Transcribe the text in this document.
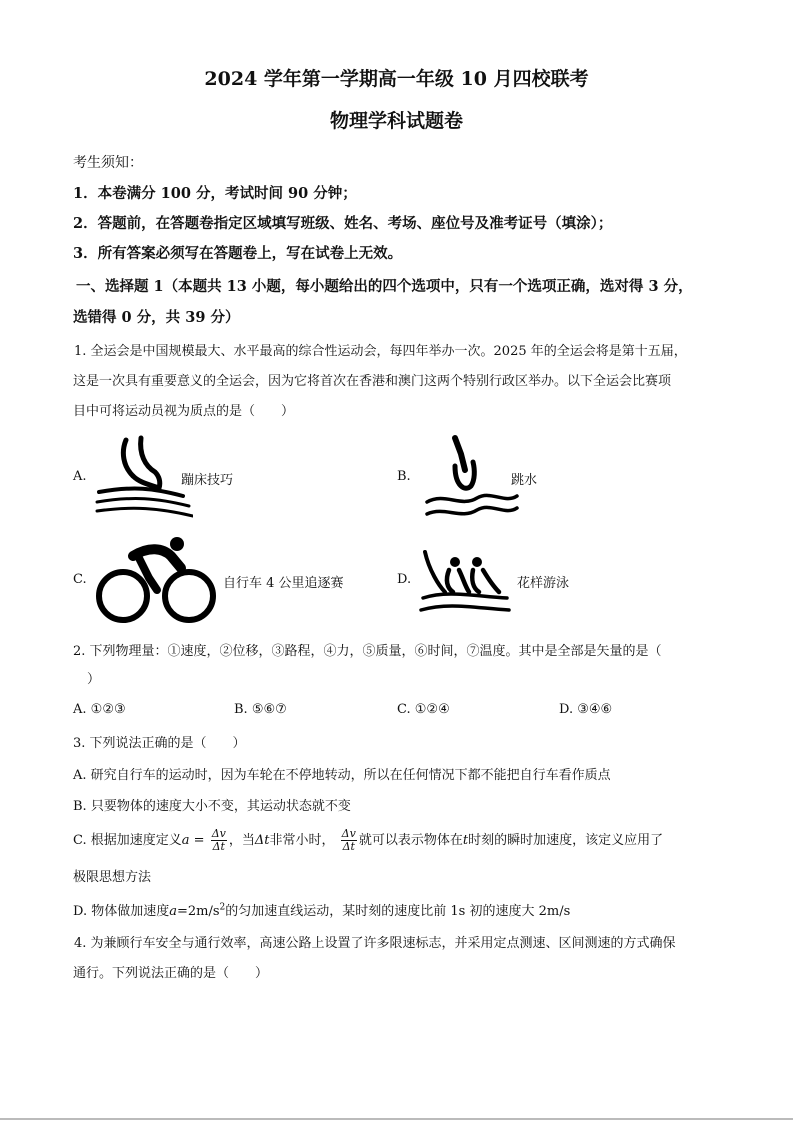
2024 学年第一学期高一年级 10 月四校联考
物理学科试题卷
考生须知：
1．本卷满分 100 分，考试时间 90 分钟；
2．答题前，在答题卷指定区域填写班级、姓名、考场、座位号及准考证号（填涂）；
3．所有答案必须写在答题卷上，写在试卷上无效。
一、选择题 1（本题共 13 小题，每小题给出的四个选项中，只有一个选项正确，选对得 3 分，
选错得 0 分，共 39 分）
1. 全运会是中国规模最大、水平最高的综合性运动会，每四年举办一次。2025 年的全运会将是第十五届，
这是一次具有重要意义的全运会，因为它将首次在香港和澳门这两个特别行政区举办。以下全运会比赛项
目中可将运动员视为质点的是（　　）
A.	蹦床技巧	B.	跳水
C.	自行车 4 公里追逐赛	D.	花样游泳
2. 下列物理量：①速度，②位移，③路程，④力，⑤质量，⑥时间，⑦温度。其中是全部是矢量的是（
）
A. ①②③	B. ⑤⑥⑦	C. ①②④	D. ③④⑥
3. 下列说法正确的是（　　）
A. 研究自行车的运动时，因为车轮在不停地转动，所以在任何情况下都不能把自行车看作质点
B. 只要物体的速度大小不变，其运动状态就不变
C. 根据加速度定义$a = \frac{\Delta v}{\Delta t}$ ，当Δt非常小时， $\frac{\Delta v}{\Delta t}$ 就可以表示物体在t时刻的瞬时加速度，该定义应用了
极限思想方法
D. 物体做加速度$a=2m/s^2$的匀加速直线运动，某时刻的速度比前 1s 初的速度大 2m/s
4. 为兼顾行车安全与通行效率，高速公路上设置了许多限速标志，并采用定点测速、区间测速的方式确保
通行。下列说法正确的是（　　）
